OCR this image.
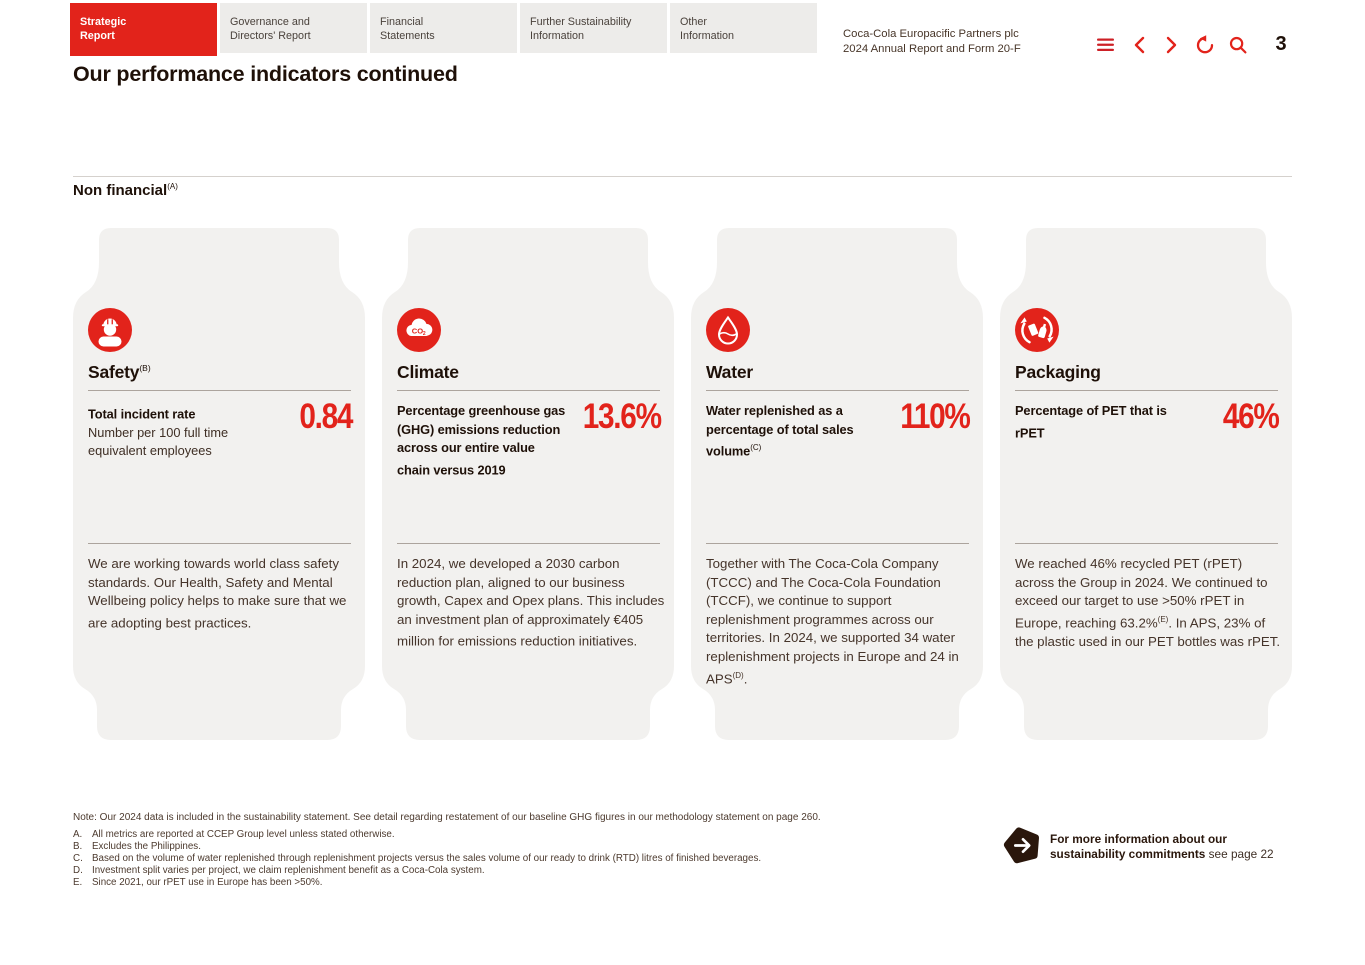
Strategic
Report
Governance and
Directors' Report
Financial
Statements
Further Sustainability
Information
Other
Information	Coca-Cola Europacific Partners plc
2024 Annual Report and Form 20-F	3
Our performance indicators continued
Non financial$^{(A)}$
Safety$^{(B)}$
Total incident rate
Number per 100 full time equivalent employees
0.84

We are working towards world class safety standards. Our Health, Safety and Mental Wellbeing policy helps to make sure that we are adopting best practices.

CO 2
Climate
Percentage greenhouse gas (GHG) emissions reduction across our entire value chain versus 2019
13.6%

In 2024, we developed a 2030 carbon reduction plan, aligned to our business growth, Capex and Opex plans. This includes an investment plan of approximately €405 million for emissions reduction initiatives.

Water
Water replenished as a percentage of total sales volume$^{(C)}$
110%

Together with The Coca-Cola Company (TCCC) and The Coca-Cola Foundation (TCCF), we continue to support replenishment programmes across our territories. In 2024, we supported 34 water replenishment projects in Europe and 24 in $APS^{(D)}$.

Packaging
Percentage of PET that is rPET	46%

We reached 46% recycled PET (rPET) across the Group in 2024. We continued to exceed our target to use >50% rPET in Europe, reaching 63.2%$^{(E)}$. In APS, 23% of the plastic used in our PET bottles was rPET.

Note: Our 2024 data is included in the sustainability statement. See detail regarding restatement of our baseline GHG figures in our methodology statement on page 260.

A. All metrics are reported at CCEP Group level unless stated otherwise.
B. Excludes the Philippines.
C. Based on the volume of water replenished through replenishment projects versus the sales volume of our ready to drink (RTD) litres of finished beverages.
D. Investment split varies per project, we claim replenishment benefit as a Coca-Cola system.
E. Since 2021, our rPET use in Europe has been >50%.
For more information about our sustainability commitments see page 22
